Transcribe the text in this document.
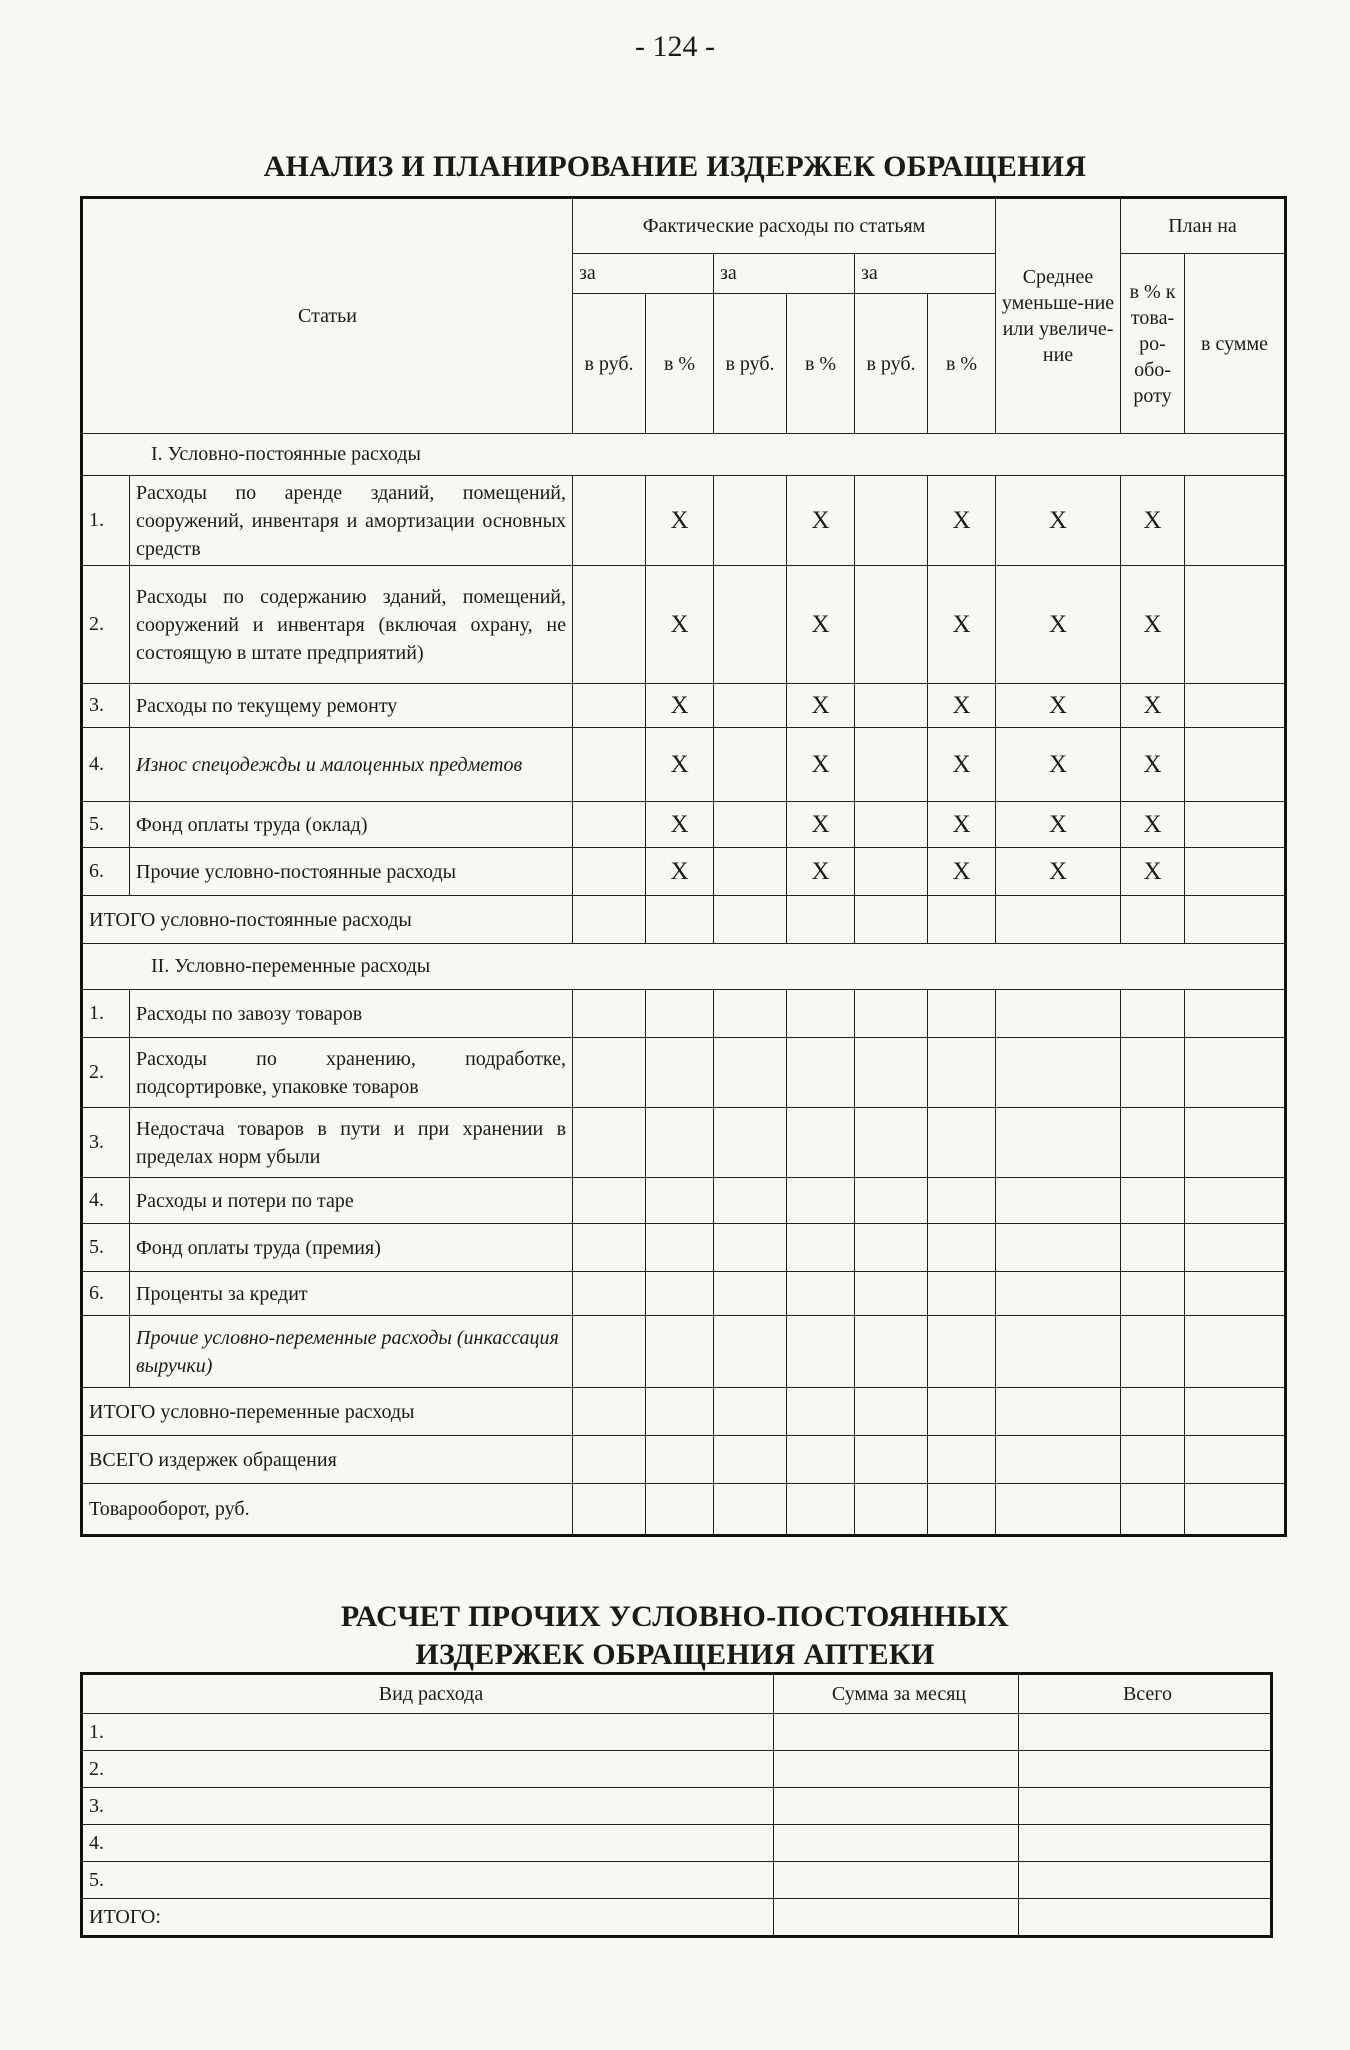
- 124 -
АНАЛИЗ И ПЛАНИРОВАНИЕ ИЗДЕРЖЕК ОБРАЩЕНИЯ
Статьи		Фактические расходы по статьям						Среднее уменьше-ние или увеличе-ние	План на	
		за		за		за			в % к това-ро-обо-роту	в сумме
		в руб.	в %	в руб.	в %	в руб.	в %			
I. Условно-постоянные расходы										
1.	Расходы по аренде зданий, помещений, сооружений, инвентаря и амортизации основных средств		X		X		X	X	X	
2.	Расходы по содержанию зданий, помещений, сооружений и инвентаря (включая охрану, не состоящую в штате предприятий)		X		X		X	X	X	
3.	Расходы по текущему ремонту		X		X		X	X	X	
4.	Износ спецодежды и малоценных предметов		X		X		X	X	X	
5.	Фонд оплаты труда (оклад)		X		X		X	X	X	
6.	Прочие условно-постоянные расходы		X		X		X	X	X	
ИТОГО условно-постоянные расходы										
II. Условно-переменные расходы										
1.	Расходы по завозу товаров									
2.	Расходы по хранению, подработке, подсортировке, упаковке товаров									
3.	Недостача товаров в пути и при хранении в пределах норм убыли									
4.	Расходы и потери по таре									
5.	Фонд оплаты труда (премия)									
6.	Проценты за кредит									
	Прочие условно-переменные расходы (инкассация выручки)									
ИТОГО условно-переменные расходы										
ВСЕГО издержек обращения										
Товарооборот, руб.										
РАСЧЕТ ПРОЧИХ УСЛОВНО-ПОСТОЯННЫХ
ИЗДЕРЖЕК ОБРАЩЕНИЯ АПТЕКИ
Вид расхода	Сумма за месяц	Всего
1.		
2.		
3.		
4.		
5.		
ИТОГО:		
